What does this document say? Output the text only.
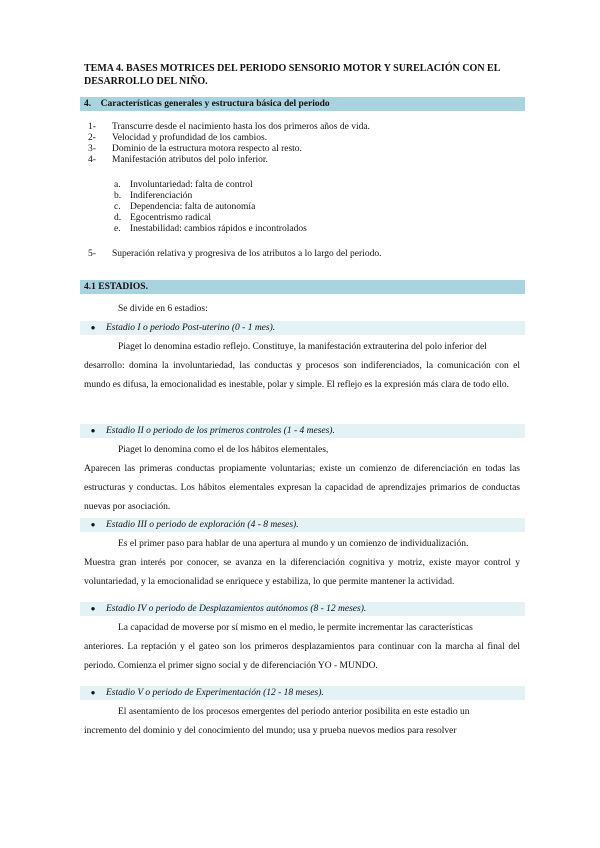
TEMA 4. BASES MOTRICES DEL PERIODO SENSORIO MOTOR Y SURELACIÓN CON EL DESARROLLO DEL NIÑO.
4. Características generales y estructura básica del periodo
1-	Transcurre desde el nacimiento hasta los dos primeros años de vida.
2-	Velocidad y profundidad de los cambios.
3-	Dominio de la estructura motora respecto al resto.
4-	Manifestación atributos del polo inferior.
a. Involuntariedad: falta de control
b. Indiferenciación
c. Dependencia: falta de autonomía
d. Egocentrismo radical
e. Inestabilidad: cambios rápidos e incontrolados
5-	Superación relativa y progresiva de los atributos a lo largo del periodo.
4.1 ESTADIOS.
Se divide en 6 estadios:
●	Estadio I o periodo Post-uterino (0 - 1 mes).
Piaget lo denomina estadio reflejo. Constituye, la manifestación extrauterina del polo inferior del
desarrollo: domina la involuntariedad, las conductas y procesos son indiferenciados, la comunicación con el mundo es difusa, la emocionalidad es inestable, polar y simple. El reflejo es la expresión más clara de todo ello.
●	Estadio II o periodo de los primeros controles (1 - 4 meses).
Piaget lo denomina como el de los hábitos elementales,
Aparecen las primeras conductas propiamente voluntarias; existe un comienzo de diferenciación en todas las estructuras y conductas. Los hábitos elementales expresan la capacidad de aprendizajes primarios de conductas nuevas por asociación.
●	Estadio III o periodo de exploración (4 - 8 meses).
Es el primer paso para hablar de una apertura al mundo y un comienzo de individualización.
Muestra gran interés por conocer, se avanza en la diferenciación cognitiva y motriz, existe mayor control y voluntariedad, y la emocionalidad se enriquece y estabiliza, lo que permite mantener la actividad.
●	Estadio IV o periodo de Desplazamientos autónomos (8 - 12 meses).
La capacidad de moverse por sí mismo en el medio, le permite incrementar las características
anteriores. La reptación y el gateo son los primeros desplazamientos para continuar con la marcha al final del periodo. Comienza el primer signo social y de diferenciación YO - MUNDO.
●	Estadio V o periodo de Experimentación (12 - 18 meses).
El asentamiento de los procesos emergentes del periodo anterior posibilita en este estadio un
incremento del dominio y del conocimiento del mundo; usa y prueba nuevos medios para resolver
